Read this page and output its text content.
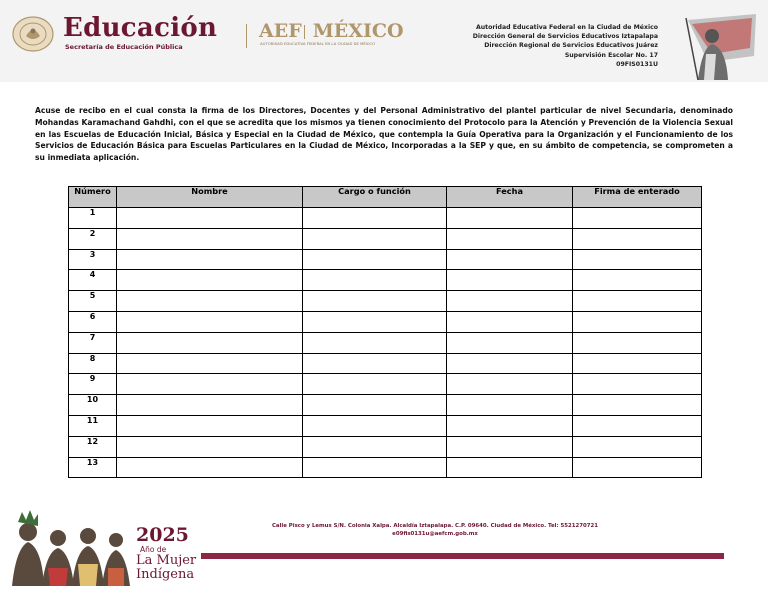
Educación
Secretaría de Educación Pública
AEF MÉXICO
AUTORIDAD EDUCATIVA FEDERAL EN LA CIUDAD DE MÉXICO
Autoridad Educativa Federal en la Ciudad de México
Dirección General de Servicios Educativos Iztapalapa
Dirección Regional de Servicios Educativos Juárez
Supervisión Escolar No. 17
09FIS0131U
Acuse de recibo en el cual consta la firma de los Directores, Docentes y del Personal Administrativo del plantel particular de nivel Secundaria, denominado Mohandas Karamachand Gahdhi, con el que se acredita que los mismos ya tienen conocimiento del Protocolo para la Atención y Prevención de la Violencia Sexual en las Escuelas de Educación Inicial, Básica y Especial en la Ciudad de México, que contempla la Guía Operativa para la Organización y el Funcionamiento de los Servicios de Educación Básica para Escuelas Particulares en la Ciudad de México, Incorporadas a la SEP y que, en su ámbito de competencia, se comprometen a su inmediata aplicación.
Número	Nombre	Cargo o función	Fecha	Firma de enterado
1				
2				
3				
4				
5				
6				
7				
8				
9				
10				
11				
12				
13				
2025
Año de
La Mujer
Indígena
Calle Pisco y Lemus S/N. Colonia Xalpa. Alcaldía Iztapalapa. C.P. 09640. Ciudad de México. Tel: 5521270721
e09fis0131u@aefcm.gob.mx
